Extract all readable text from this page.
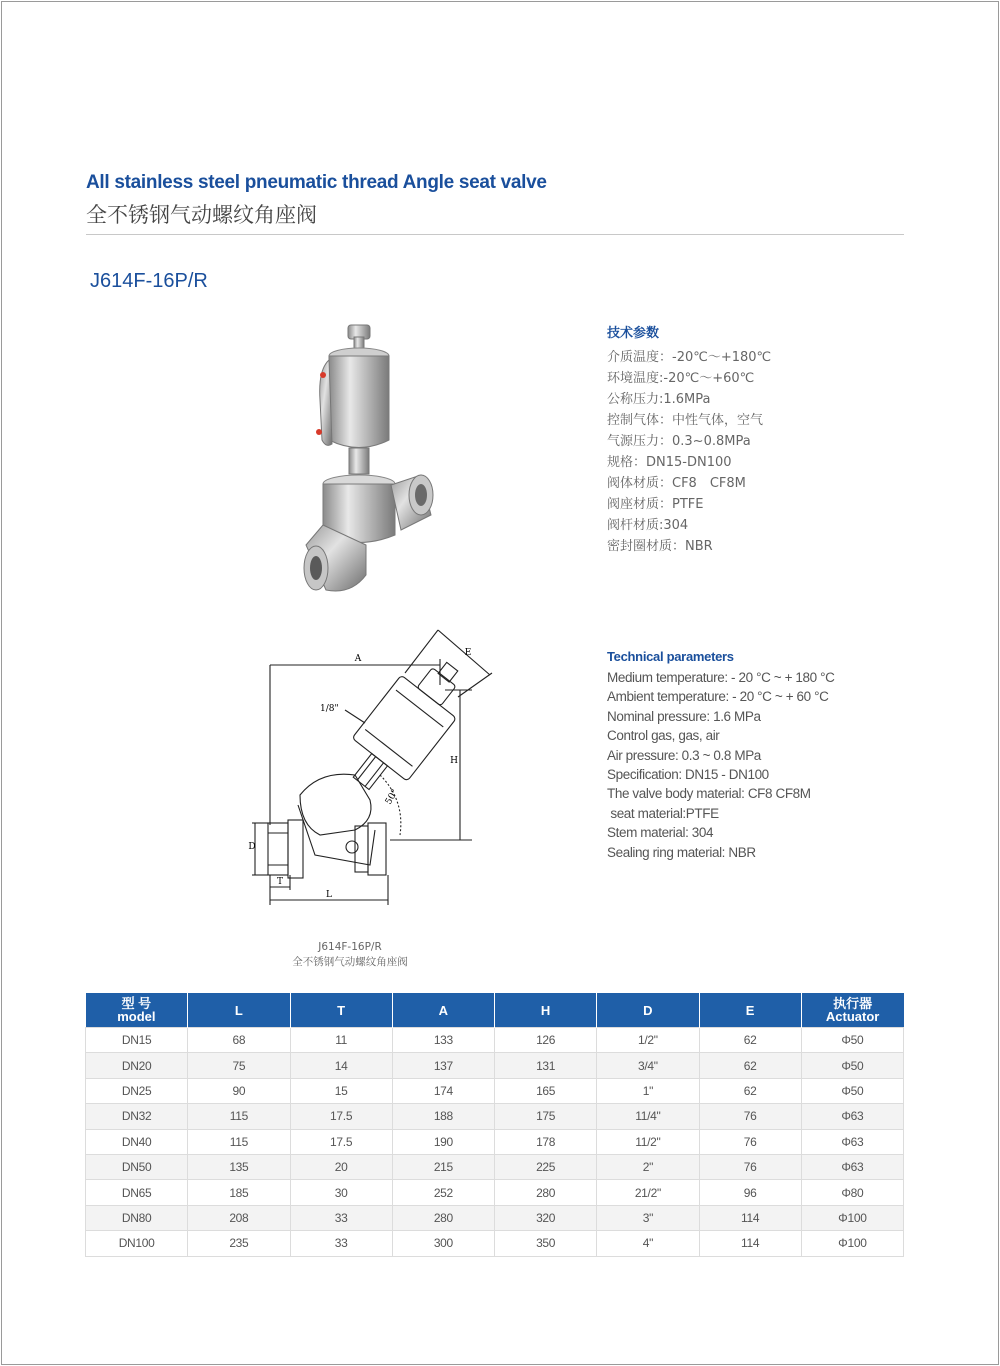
All stainless steel pneumatic thread Angle seat valve
全不锈钢气动螺纹角座阀
J614F-16P/R
A
E
H
D
T
L
1/8"
50°
技术参数
介质温度：-20℃～+180℃
环境温度:-20℃～+60℃
公称压力:1.6MPa
控制气体：中性气体，空气
气源压力：0.3~0.8MPa
规格：DN15-DN100
阀体材质：CF8　CF8M
阀座材质：PTFE
阀杆材质:304
密封圈材质：NBR
Technical parameters
Medium temperature: - 20 °C ~ + 180 °C
Ambient temperature: - 20 °C ~ + 60 °C
Nominal pressure: 1.6 MPa
Control gas, gas, air
Air pressure: 0.3 ~ 0.8 MPa
Specification: DN15 - DN100
The valve body material: CF8 CF8M
seat material:PTFE
Stem material: 304
Sealing ring material: NBR
J614F-16P/R
全不锈钢气动螺纹角座阀
型 号
model	L	T	A	H	D	E	执行器
Actuator

DN15	68	11	133	126	1/2"	62	Φ50
DN20	75	14	137	131	3/4"	62	Φ50
DN25	90	15	174	165	1"	62	Φ50
DN32	115	17.5	188	175	11/4"	76	Φ63
DN40	115	17.5	190	178	11/2"	76	Φ63
DN50	135	20	215	225	2"	76	Φ63
DN65	185	30	252	280	21/2"	96	Φ80
DN80	208	33	280	320	3"	114	Φ100
DN100	235	33	300	350	4"	114	Φ100
